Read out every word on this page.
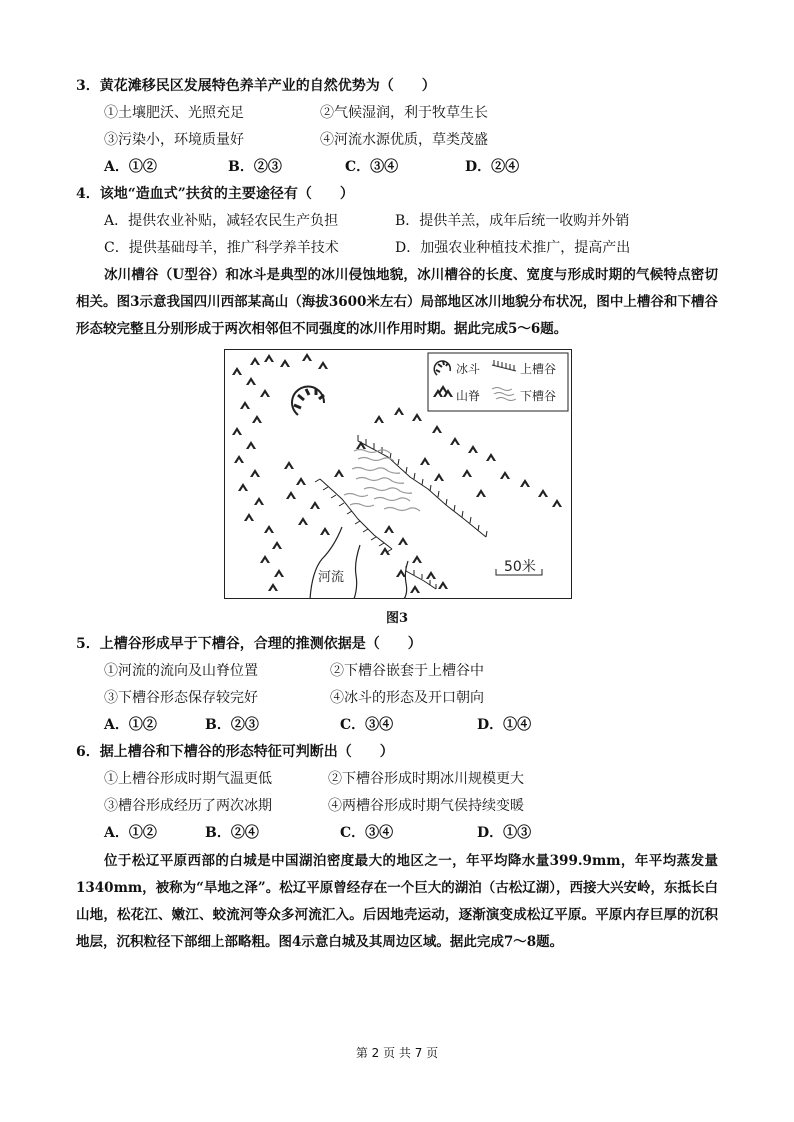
3．黄花滩移民区发展特色养羊产业的自然优势为（　　）
①土壤肥沃、光照充足	②气候湿润，利于牧草生长
③污染小，环境质量好	④河流水源优质，草类茂盛
A．①②	B．②③	C．③④	D．②④
4．该地“造血式”扶贫的主要途径有（　　）
A．提供农业补贴，减轻农民生产负担	B．提供羊羔，成年后统一收购并外销
C．提供基础母羊，推广科学养羊技术	D．加强农业种植技术推广，提高产出

冰川槽谷（U型谷）和冰斗是典型的冰川侵蚀地貌，冰川槽谷的长度、宽度与形成时期的气候特点密切相关。图3示意我国四川西部某高山（海拔3600米左右）局部地区冰川地貌分布状况，图中上槽谷和下槽谷形态较完整且分别形成于两次相邻但不同强度的冰川作用时期。据此完成5～6题。

冰斗	上槽谷
山脊	下槽谷
河流
50米
图3
5．上槽谷形成早于下槽谷，合理的推测依据是（　　）
①河流的流向及山脊位置	②下槽谷嵌套于上槽谷中
③下槽谷形态保存较完好	④冰斗的形态及开口朝向
A．①②	B．②③	C．③④	D．①④
6．据上槽谷和下槽谷的形态特征可判断出（　　）
①上槽谷形成时期气温更低	②下槽谷形成时期冰川规模更大
③槽谷形成经历了两次冰期	④两槽谷形成时期气侯持续变暖
A．①②	B．②④	C．③④	D．①③

位于松辽平原西部的白城是中国湖泊密度最大的地区之一，年平均降水量399.9mm，年平均蒸发量1340mm，被称为“旱地之泽”。松辽平原曾经存在一个巨大的湖泊（古松辽湖），西接大兴安岭，东抵长白山地，松花江、嫩江、蛟流河等众多河流汇入。后因地壳运动，逐渐演变成松辽平原。平原内存巨厚的沉积地层，沉积粒径下部细上部略粗。图4示意白城及其周边区域。据此完成7～8题。

第 2 页 共 7 页
